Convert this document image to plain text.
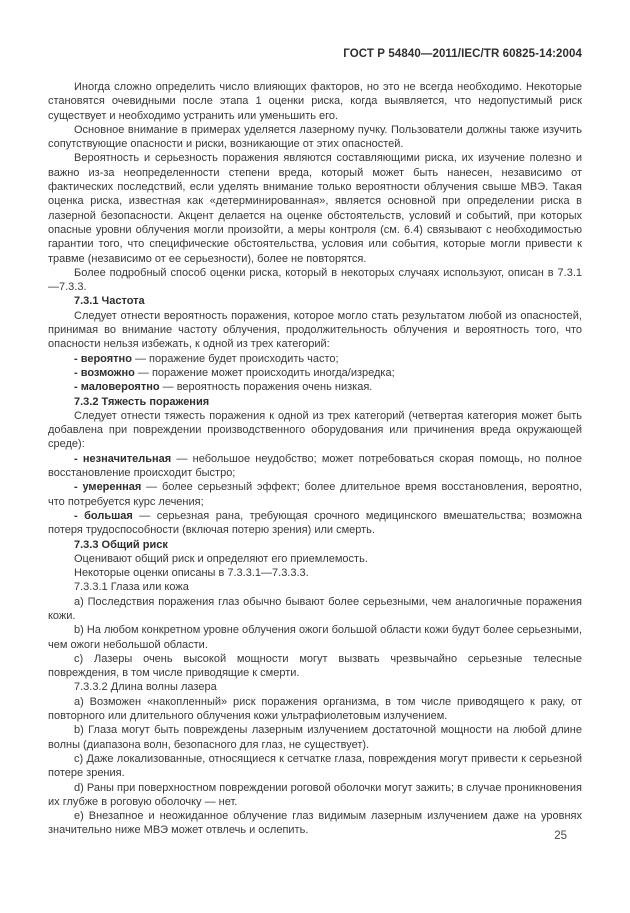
ГОСТ Р 54840—2011/IEC/TR 60825-14:2004

Иногда сложно определить число влияющих факторов, но это не всегда необходимо. Некоторые становятся очевидными после этапа 1 оценки риска, когда выявляется, что недопустимый риск существует и необходимо устранить или уменьшить его.

Основное внимание в примерах уделяется лазерному пучку. Пользователи должны также изучить сопутствующие опасности и риски, возникающие от этих опасностей.

Вероятность и серьезность поражения являются составляющими риска, их изучение полезно и важно из-за неопределенности степени вреда, который может быть нанесен, независимо от фактических последствий, если уделять внимание только вероятности облучения свыше МВЭ. Такая оценка риска, известная как «детерминированная», является основной при определении риска в лазерной безопасности. Акцент делается на оценке обстоятельств, условий и событий, при которых опасные уровни облучения могли произойти, а меры контроля (см. 6.4) связывают с необходимостью гарантии того, что специфические обстоятельства, условия или события, которые могли привести к травме (независимо от ее серьезности), более не повторятся.

Более подробный способ оценки риска, который в некоторых случаях используют, описан в 7.3.1—7.3.3.

7.3.1 Частота

Следует отнести вероятность поражения, которое могло стать результатом любой из опасностей, принимая во внимание частоту облучения, продолжительность облучения и вероятность того, что опасности нельзя избежать, к одной из трех категорий:

- вероятно — поражение будет происходить часто;

- возможно — поражение может происходить иногда/изредка;

- маловероятно — вероятность поражения очень низкая.

7.3.2 Тяжесть поражения

Следует отнести тяжесть поражения к одной из трех категорий (четвертая категория может быть добавлена при повреждении производственного оборудования или причинения вреда окружающей среде):

- незначительная — небольшое неудобство; может потребоваться скорая помощь, но полное восстановление происходит быстро;

- умеренная — более серьезный эффект; более длительное время восстановления, вероятно, что потребуется курс лечения;

- большая — серьезная рана, требующая срочного медицинского вмешательства; возможна потеря трудоспособности (включая потерю зрения) или смерть.

7.3.3 Общий риск

Оценивают общий риск и определяют его приемлемость.

Некоторые оценки описаны в 7.3.3.1—7.3.3.3.

7.3.3.1 Глаза или кожа

а) Последствия поражения глаз обычно бывают более серьезными, чем аналогичные поражения кожи.

b) На любом конкретном уровне облучения ожоги большой области кожи будут более серьезными, чем ожоги небольшой области.

c) Лазеры очень высокой мощности могут вызвать чрезвычайно серьезные телесные повреждения, в том числе приводящие к смерти.

7.3.3.2 Длина волны лазера

а) Возможен «накопленный» риск поражения организма, в том числе приводящего к раку, от повторного или длительного облучения кожи ультрафиолетовым излучением.

b) Глаза могут быть повреждены лазерным излучением достаточной мощности на любой длине волны (диапазона волн, безопасного для глаз, не существует).

c) Даже локализованные, относящиеся к сетчатке глаза, повреждения могут привести к серьезной потере зрения.

d) Раны при поверхностном повреждении роговой оболочки могут зажить; в случае проникновения их глубже в роговую оболочку — нет.

e) Внезапное и неожиданное облучение глаз видимым лазерным излучением даже на уровнях значительно ниже МВЭ может отвлечь и ослепить.	25
